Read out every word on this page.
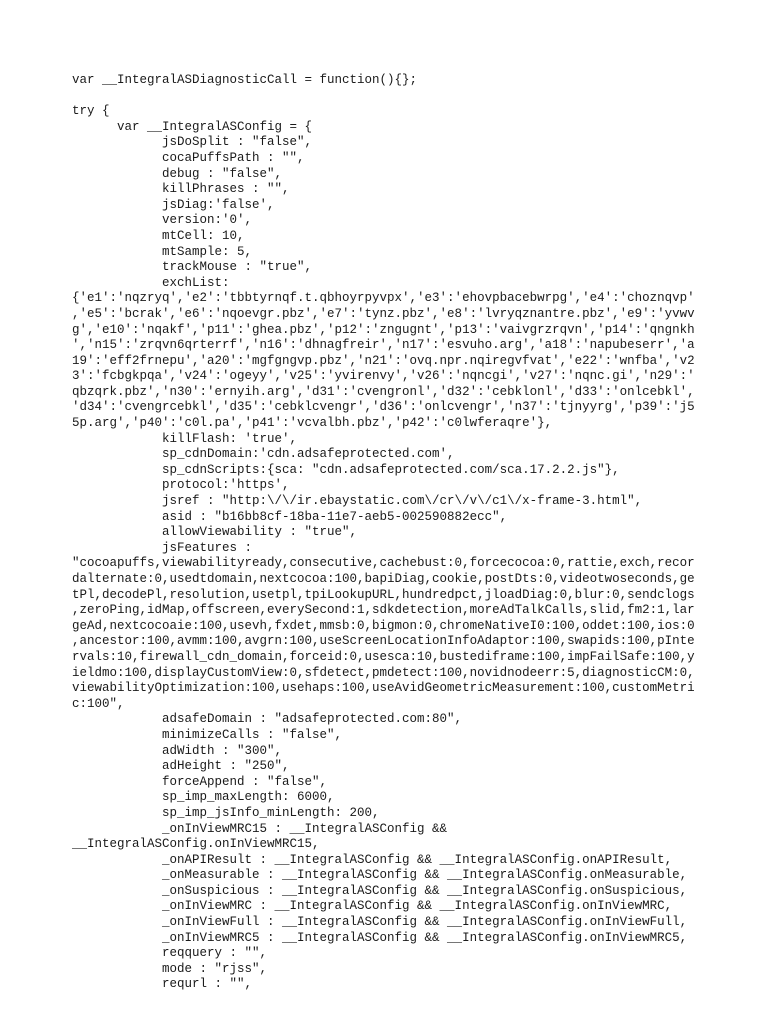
var __IntegralASDiagnosticCall = function(){};
try {
var __IntegralASConfig = {
jsDoSplit : "false",
cocaPuffsPath : "",
debug : "false",
killPhrases : "",
jsDiag:'false',
version:'0',
mtCell: 10,
mtSample: 5,
trackMouse : "true",
exchList:
{'e1':'nqzryq','e2':'tbbtyrnqf.t.qbhoyrpyvpx','e3':'ehovpbacebwrpg','e4':'choznqvp'
,'e5':'bcrak','e6':'nqoevgr.pbz','e7':'tynz.pbz','e8':'lvryqznantre.pbz','e9':'yvwv
g','e10':'nqakf','p11':'ghea.pbz','p12':'zngugnt','p13':'vaivgrzrqvn','p14':'qngnkh
','n15':'zrqvn6qrterrf','n16':'dhnagfreir','n17':'esvuho.arg','a18':'napubeserr','a
19':'eff2frnepu','a20':'mgfgngvp.pbz','n21':'ovq.npr.nqiregvfvat','e22':'wnfba','v2
3':'fcbgkpqa','v24':'ogeyy','v25':'yvirenvy','v26':'nqncgi','v27':'nqnc.gi','n29':'
qbzqrk.pbz','n30':'ernyih.arg','d31':'cvengronl','d32':'cebklonl','d33':'onlcebkl',
'd34':'cvengrcebkl','d35':'cebklcvengr','d36':'onlcvengr','n37':'tjnyyrg','p39':'j5
5p.arg','p40':'c0l.pa','p41':'vcvalbh.pbz','p42':'c0lwferaqre'},
killFlash: 'true',
sp_cdnDomain:'cdn.adsafeprotected.com',
sp_cdnScripts:{sca: "cdn.adsafeprotected.com/sca.17.2.2.js"},
protocol:'https',
jsref : "http:\/\/ir.ebaystatic.com\/cr\/v\/c1\/x-frame-3.html",
asid : "b16bb8cf-18ba-11e7-aeb5-002590882ecc",
allowViewability : "true",
jsFeatures :
"cocoapuffs,viewabilityready,consecutive,cachebust:0,forcecocoa:0,rattie,exch,recor
dalternate:0,usedtdomain,nextcocoa:100,bapiDiag,cookie,postDts:0,videotwoseconds,ge
tPl,decodePl,resolution,usetpl,tpiLookupURL,hundredpct,jloadDiag:0,blur:0,sendclogs
,zeroPing,idMap,offscreen,everySecond:1,sdkdetection,moreAdTalkCalls,slid,fm2:1,lar
geAd,nextcocoaie:100,usevh,fxdet,mmsb:0,bigmon:0,chromeNativeI0:100,oddet:100,ios:0
,ancestor:100,avmm:100,avgrn:100,useScreenLocationInfoAdaptor:100,swapids:100,pInte
rvals:10,firewall_cdn_domain,forceid:0,usesca:10,bustediframe:100,impFailSafe:100,y
ieldmo:100,displayCustomView:0,sfdetect,pmdetect:100,novidnodeerr:5,diagnosticCM:0,
viewabilityOptimization:100,usehaps:100,useAvidGeometricMeasurement:100,customMetri
c:100",
adsafeDomain : "adsafeprotected.com:80",
minimizeCalls : "false",
adWidth : "300",
adHeight : "250",
forceAppend : "false",
sp_imp_maxLength: 6000,
sp_imp_jsInfo_minLength: 200,
_onInViewMRC15 : __IntegralASConfig &&
__IntegralASConfig.onInViewMRC15,
_onAPIResult : __IntegralASConfig && __IntegralASConfig.onAPIResult,
_onMeasurable : __IntegralASConfig && __IntegralASConfig.onMeasurable,
_onSuspicious : __IntegralASConfig && __IntegralASConfig.onSuspicious,
_onInViewMRC : __IntegralASConfig && __IntegralASConfig.onInViewMRC,
_onInViewFull : __IntegralASConfig && __IntegralASConfig.onInViewFull,
_onInViewMRC5 : __IntegralASConfig && __IntegralASConfig.onInViewMRC5,
reqquery : "",
mode : "rjss",
requrl : "",
